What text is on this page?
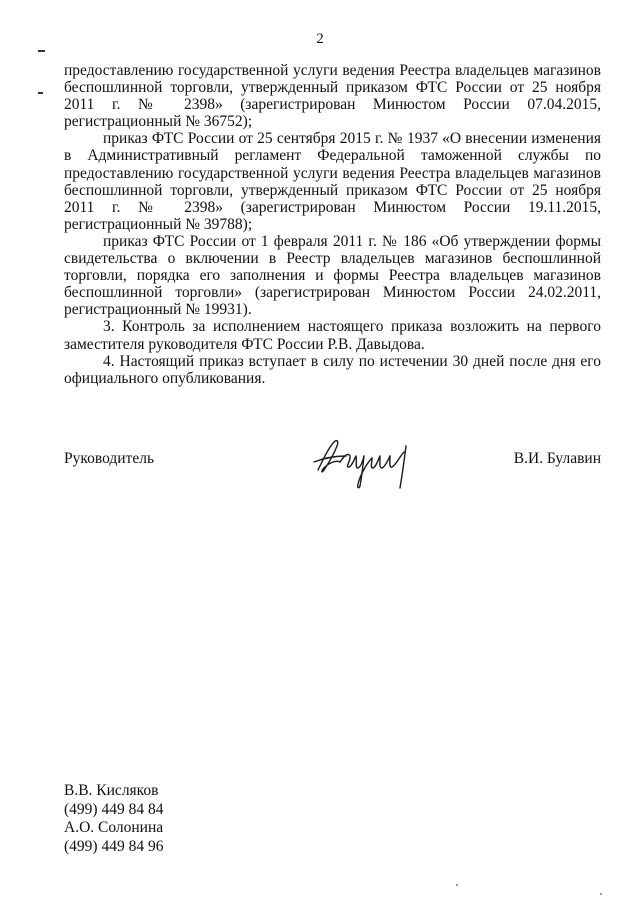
2

предоставлению государственной услуги ведения Реестра владельцев магазинов беспошлинной торговли, утвержденный приказом ФТС России от 25 ноября 2011 г. № 2398» (зарегистрирован Минюстом России 07.04.2015, регистрационный № 36752);

приказ ФТС России от 25 сентября 2015 г. № 1937 «О внесении изменения в Административный регламент Федеральной таможенной службы по предоставлению государственной услуги ведения Реестра владельцев магазинов беспошлинной торговли, утвержденный приказом ФТС России от 25 ноября 2011 г. № 2398» (зарегистрирован Минюстом России 19.11.2015, регистрационный № 39788);

приказ ФТС России от 1 февраля 2011 г. № 186 «Об утверждении формы свидетельства о включении в Реестр владельцев магазинов беспошлинной торговли, порядка его заполнения и формы Реестра владельцев магазинов беспошлинной торговли» (зарегистрирован Минюстом России 24.02.2011, регистрационный № 19931).

3. Контроль за исполнением настоящего приказа возложить на первого заместителя руководителя ФТС России Р.В. Давыдова.

4. Настоящий приказ вступает в силу по истечении 30 дней после дня его официального опубликования.

Руководитель	В.И. Булавин
В.В. Кисляков
(499) 449 84 84
А.О. Солонина
(499) 449 84 96
